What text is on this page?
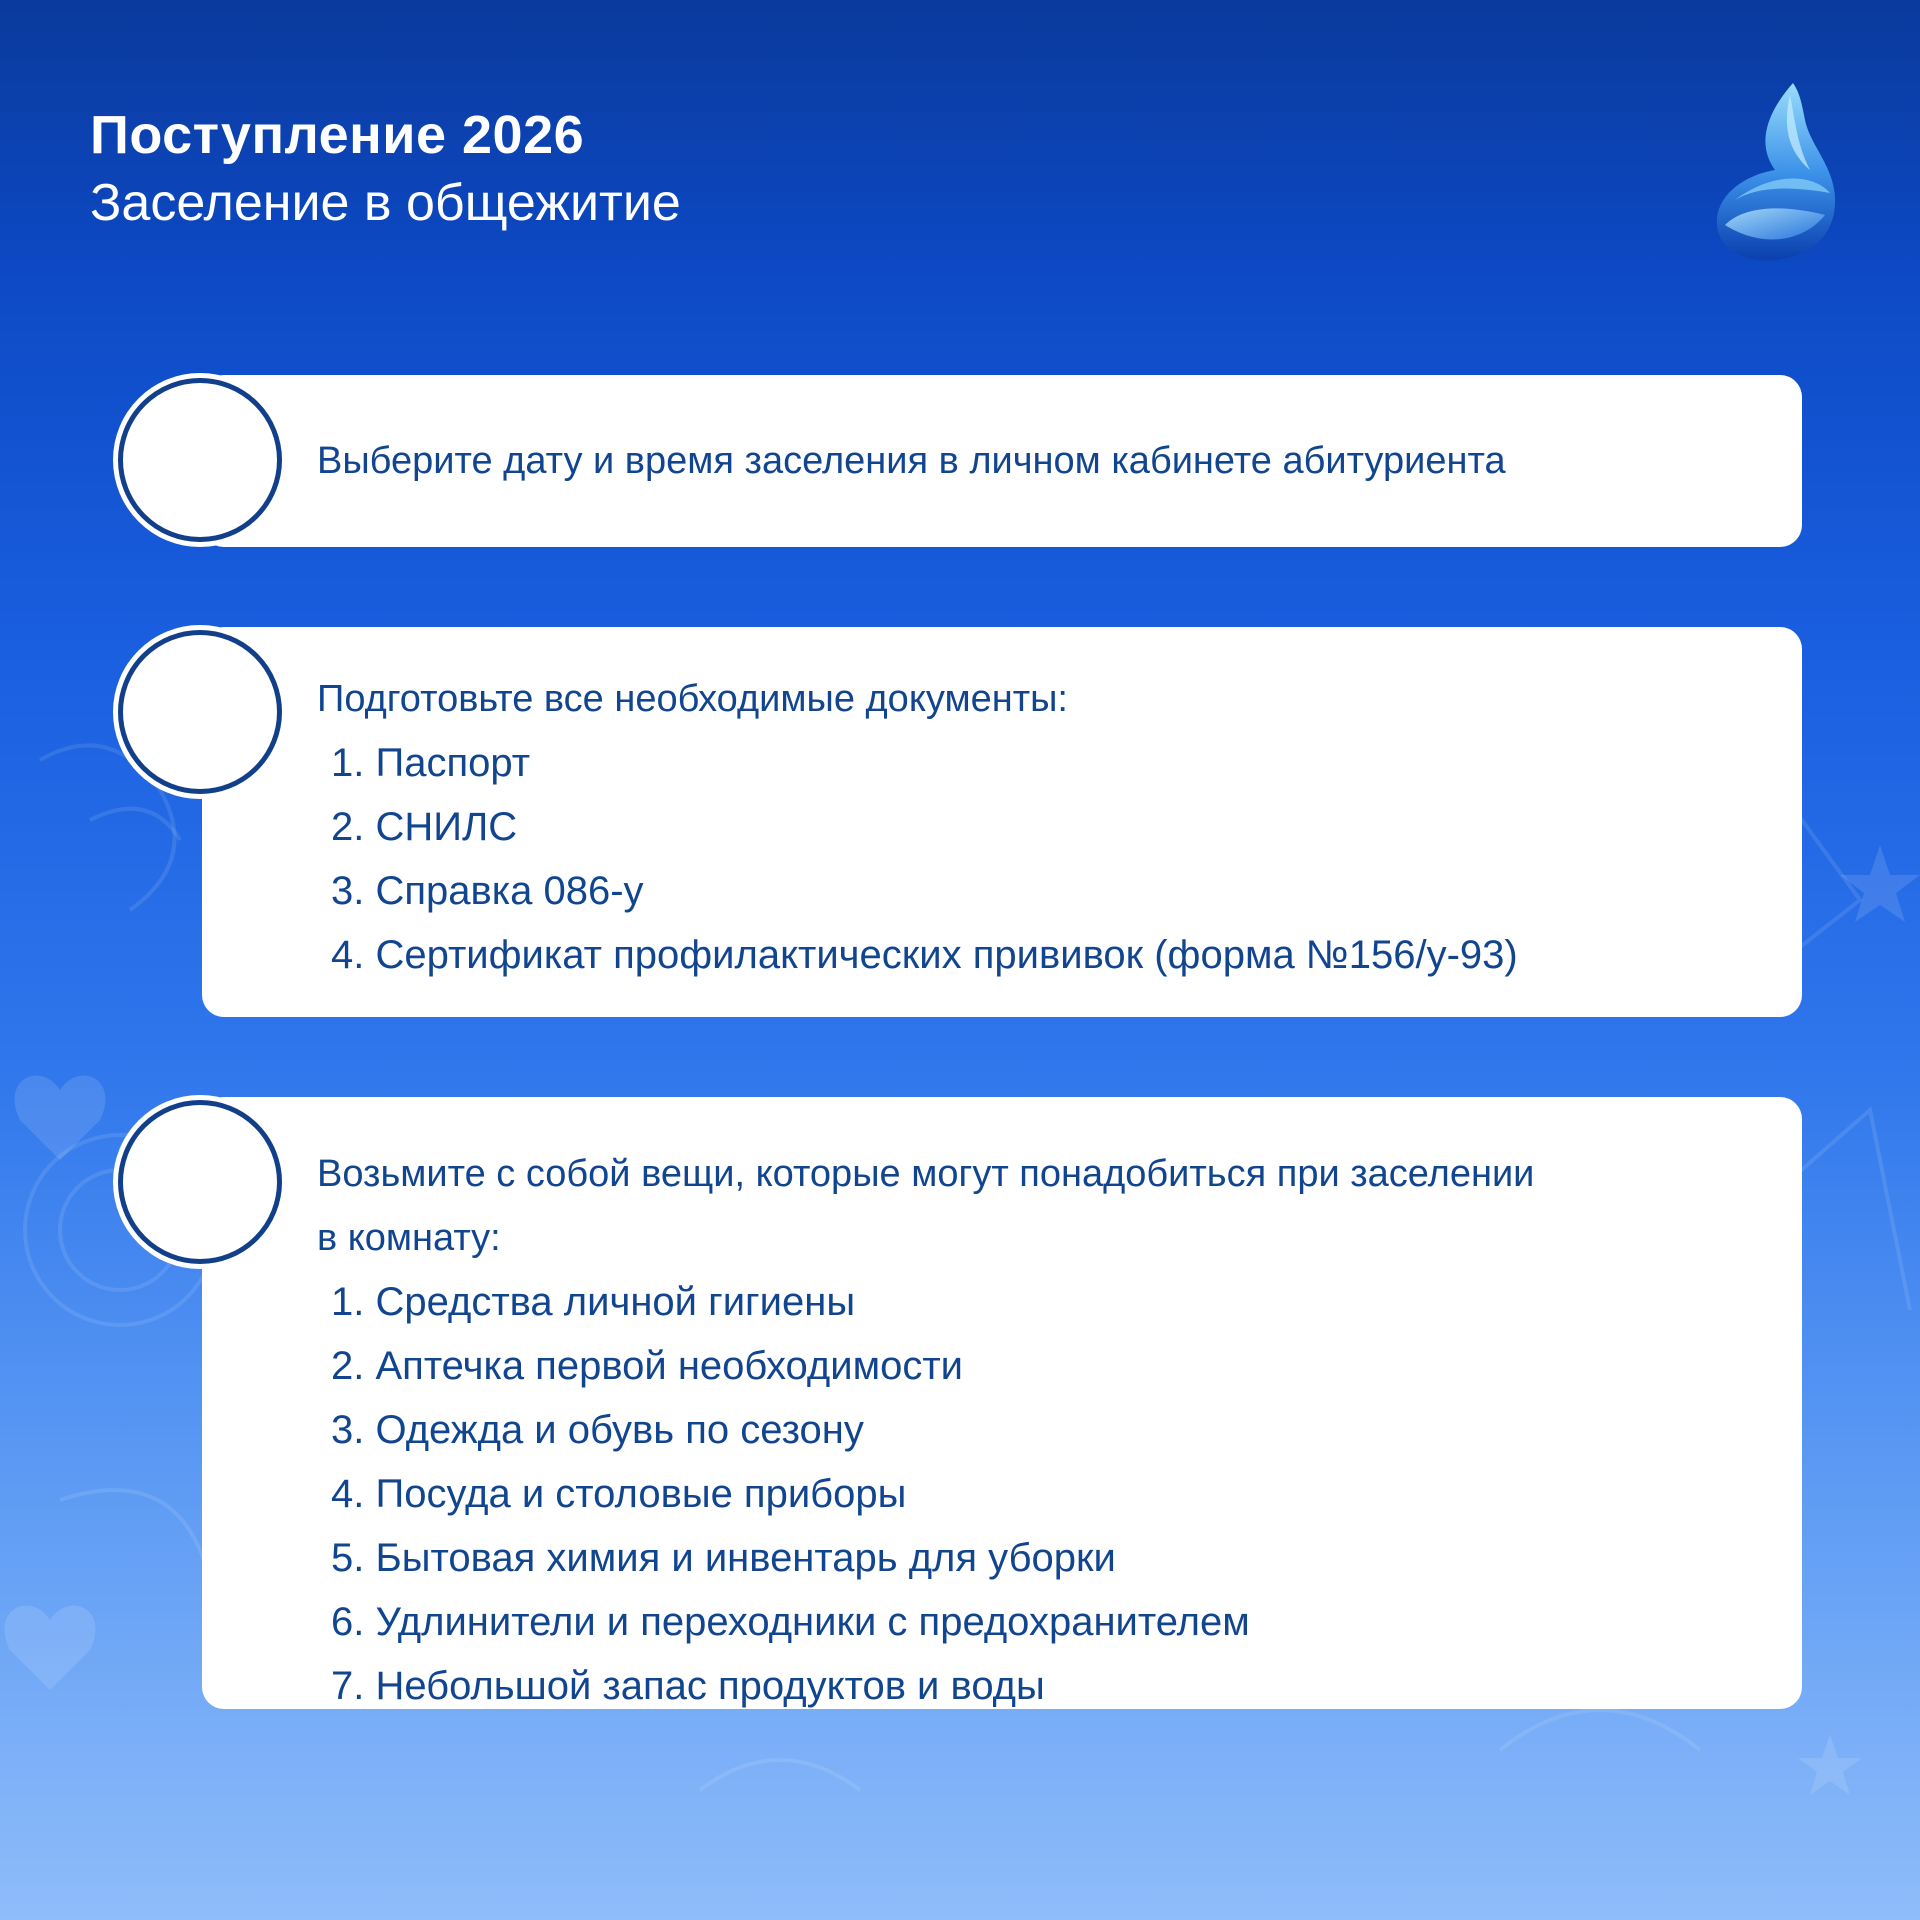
Поступление 2026
Заселение в общежитие
Выберите дату и время заселения в личном кабинете абитуриента
Подготовьте все необходимые документы:
1. Паспорт
2. СНИЛС
3. Справка 086-у
4. Сертификат профилактических прививок (форма №156/у-93)
Возьмите с собой вещи, которые могут понадобиться при заселении
в комнату:
1. Средства личной гигиены
2. Аптечка первой необходимости
3. Одежда и обувь по сезону
4. Посуда и столовые приборы
5. Бытовая химия и инвентарь для уборки
6. Удлинители и переходники с предохранителем
7. Небольшой запас продуктов и воды
